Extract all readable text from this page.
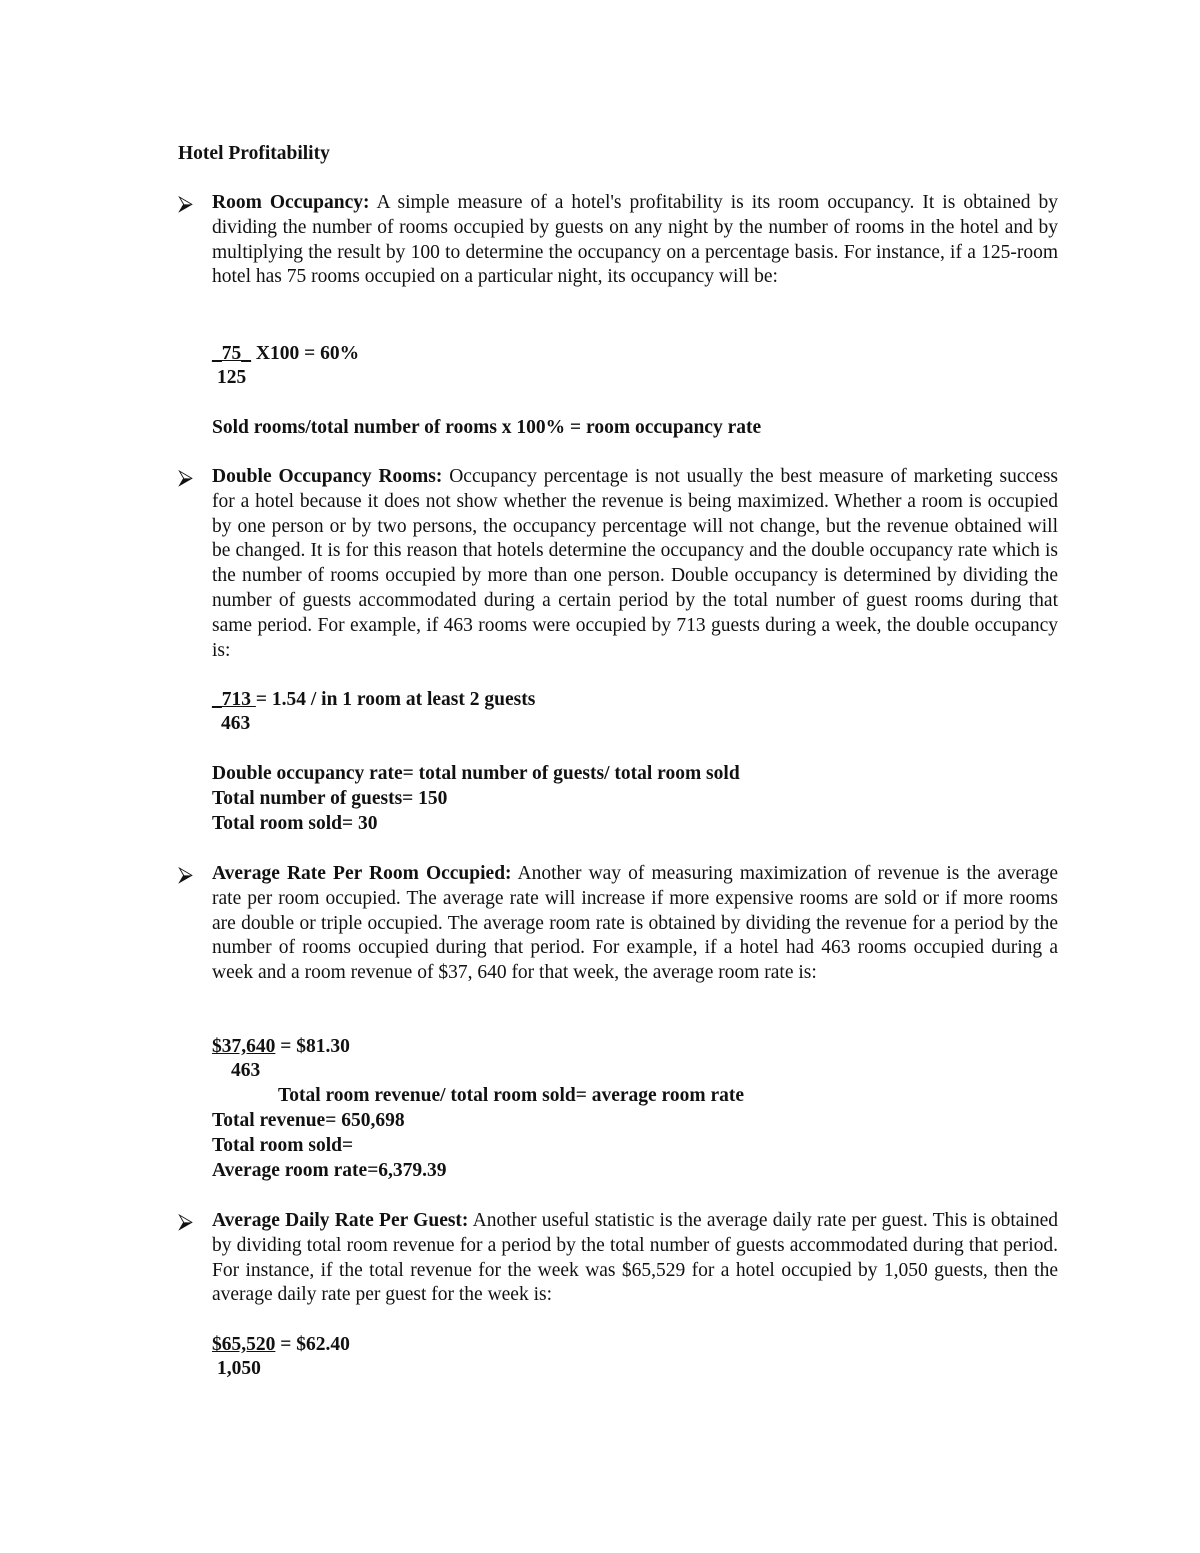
Hotel Profitability
⮚ Room Occupancy: A simple measure of a hotel's profitability is its room occupancy. It is obtained by dividing the number of rooms occupied by guests on any night by the number of rooms in the hotel and by multiplying the result by 100 to determine the occupancy on a percentage basis. For instance, if a 125-room hotel has 75 rooms occupied on a particular night, its occupancy will be:
_75_ X100 = 60%
125
Sold rooms/total number of rooms x 100% = room occupancy rate
⮚ Double Occupancy Rooms: Occupancy percentage is not usually the best measure of marketing success for a hotel because it does not show whether the revenue is being maximized. Whether a room is occupied by one person or by two persons, the occupancy percentage will not change, but the revenue obtained will be changed. It is for this reason that hotels determine the occupancy and the double occupancy rate which is the number of rooms occupied by more than one person. Double occupancy is determined by dividing the number of guests accommodated during a certain period by the total number of guest rooms during that same period. For example, if 463 rooms were occupied by 713 guests during a week, the double occupancy is:
_713 = 1.54 / in 1 room at least 2 guests
463
Double occupancy rate= total number of guests/ total room sold
Total number of guests= 150
Total room sold= 30
⮚ Average Rate Per Room Occupied: Another way of measuring maximization of revenue is the average rate per room occupied. The average rate will increase if more expensive rooms are sold or if more rooms are double or triple occupied. The average room rate is obtained by dividing the revenue for a period by the number of rooms occupied during that period. For example, if a hotel had 463 rooms occupied during a week and a room revenue of $37, 640 for that week, the average room rate is:
$37,640 = $81.30
463
Total room revenue/ total room sold= average room rate
Total revenue= 650,698
Total room sold=
Average room rate=6,379.39
⮚ Average Daily Rate Per Guest: Another useful statistic is the average daily rate per guest. This is obtained by dividing total room revenue for a period by the total number of guests accommodated during that period. For instance, if the total revenue for the week was $65,529 for a hotel occupied by 1,050 guests, then the average daily rate per guest for the week is:
$65,520 = $62.40
1,050
